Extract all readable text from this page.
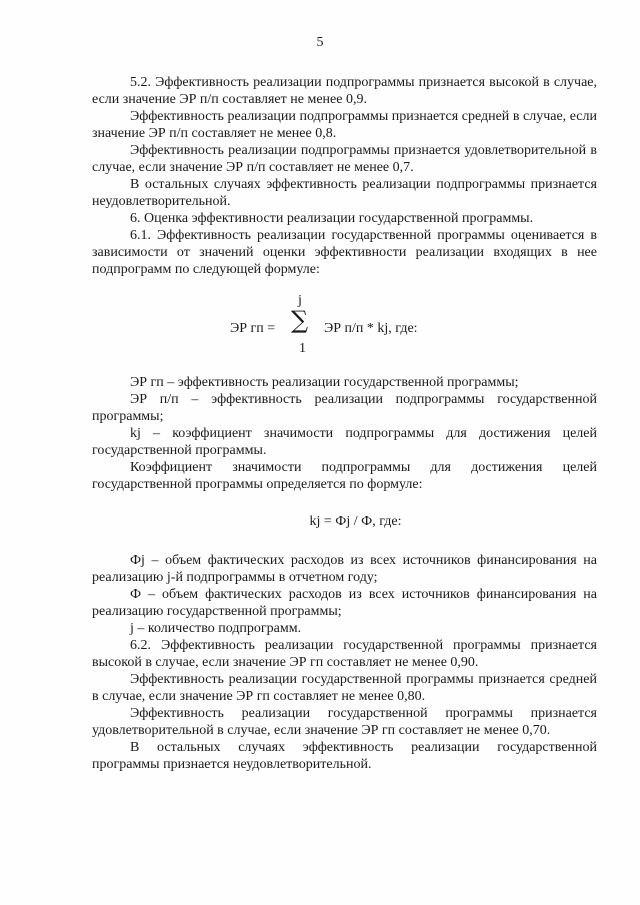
5

5.2. Эффективность реализации подпрограммы признается высокой в случае, если значение ЭР п/п составляет не менее 0,9.

Эффективность реализации подпрограммы признается средней в случае, если значение ЭР п/п составляет не менее 0,8.

Эффективность реализации подпрограммы признается удовлетворительной в случае, если значение ЭР п/п составляет не менее 0,7.

В остальных случаях эффективность реализации подпрограммы признается неудовлетворительной.

6. Оценка эффективности реализации государственной программы.

6.1. Эффективность реализации государственной программы оценивается в зависимости от значений оценки эффективности реализации входящих в нее подпрограмм по следующей формуле:

ЭР гп =
j
∑
1
ЭР п/п * kj, где:

ЭР гп – эффективность реализации государственной программы;

ЭР п/п – эффективность реализации подпрограммы государственной программы;

kj – коэффициент значимости подпрограммы для достижения целей государственной программы.

Коэффициент значимости подпрограммы для достижения целей государственной программы определяется по формуле:

kj = Фj / Ф, где:

Фj – объем фактических расходов из всех источников финансирования на реализацию j-й подпрограммы в отчетном году;

Ф – объем фактических расходов из всех источников финансирования на реализацию государственной программы;

j – количество подпрограмм.

6.2. Эффективность реализации государственной программы признается высокой в случае, если значение ЭР гп составляет не менее 0,90.

Эффективность реализации государственной программы признается средней в случае, если значение ЭР гп составляет не менее 0,80.

Эффективность реализации государственной программы признается удовлетворительной в случае, если значение ЭР гп составляет не менее 0,70.

В остальных случаях эффективность реализации государственной программы признается неудовлетворительной.
